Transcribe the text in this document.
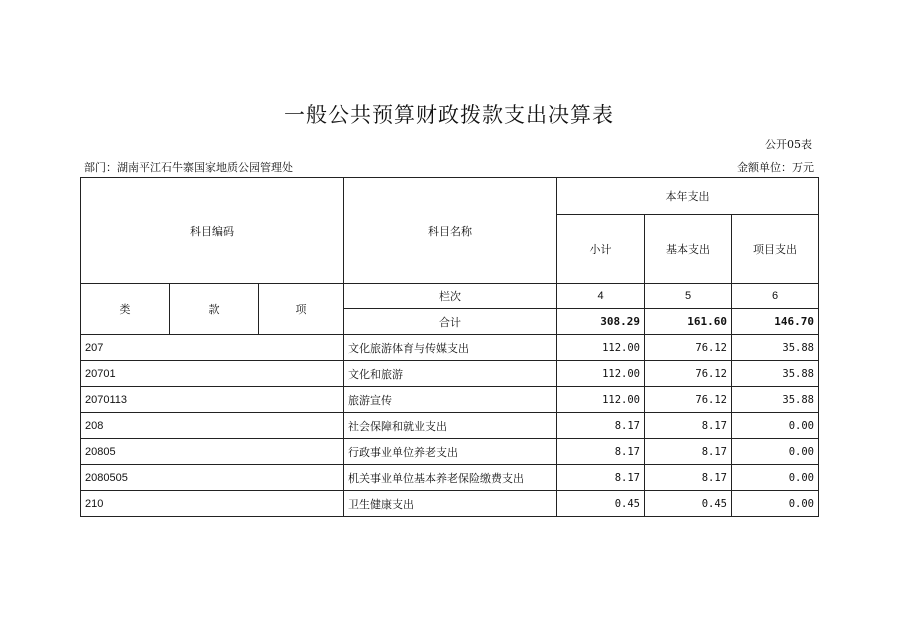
一般公共预算财政拨款支出决算表
公开05表
部门：湖南平江石牛寨国家地质公园管理处	金额单位：万元
科目编码			科目名称	本年支出		
				小计	基本支出	项目支出
类	款	项	栏次	4	5	6
			合计	308.29	161.60	146.70
207			文化旅游体育与传媒支出	112.00	76.12	35.88
20701			文化和旅游	112.00	76.12	35.88
2070113			旅游宣传	112.00	76.12	35.88
208			社会保障和就业支出	8.17	8.17	0.00
20805			行政事业单位养老支出	8.17	8.17	0.00
2080505			机关事业单位基本养老保险缴费支出	8.17	8.17	0.00
210			卫生健康支出	0.45	0.45	0.00
